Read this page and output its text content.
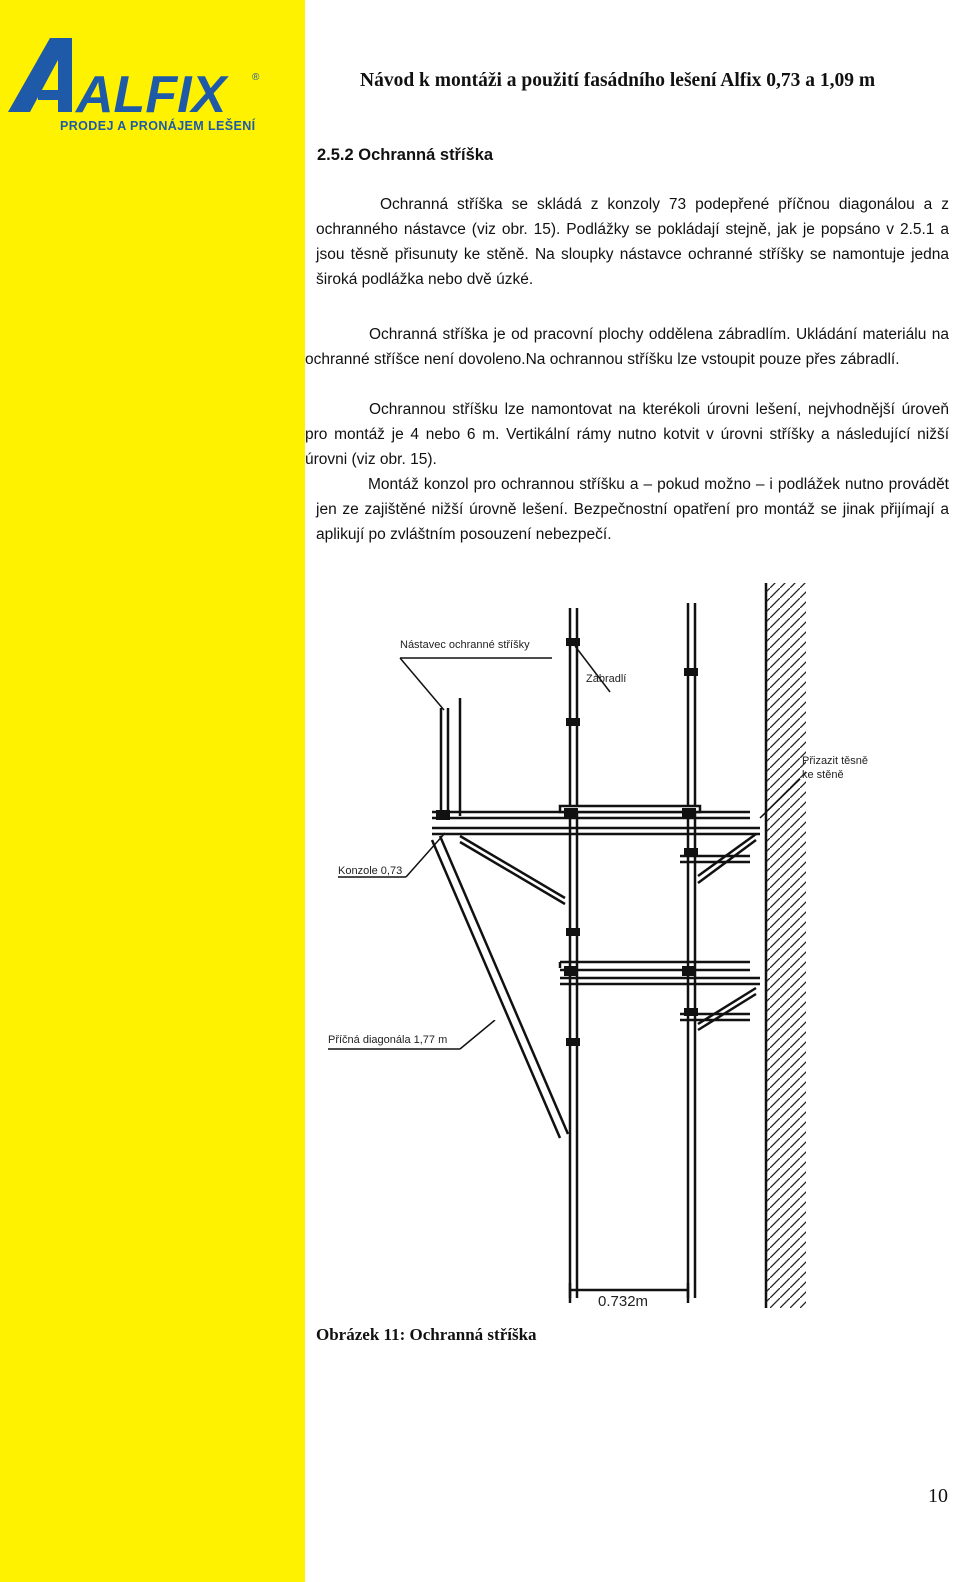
ALFIX	®
PRODEJ A PRONÁJEM LEŠENÍ
Návod k montáži a použití fasádního lešení Alfix 0,73 a 1,09 m
2.5.2 Ochranná stříška

Ochranná stříška se skládá z konzoly 73 podepřené příčnou diagonálou a z ochranného nástavce (viz obr. 15). Podlážky se pokládají stejně, jak je popsáno v 2.5.1 a jsou těsně přisunuty ke stěně. Na sloupky nástavce ochranné stříšky se namontuje jedna široká podlážka nebo dvě úzké.

Ochranná stříška je od pracovní plochy oddělena zábradlím. Ukládání materiálu na ochranné stříšce není dovoleno.Na ochrannou stříšku lze vstoupit pouze přes zábradlí.

Ochrannou stříšku lze namontovat na kterékoli úrovni lešení, nejvhodnější úroveň pro montáž je 4 nebo 6 m. Vertikální rámy nutno kotvit v úrovni stříšky a následující nižší úrovni (viz obr. 15).

Montáž konzol pro ochrannou stříšku a – pokud možno – i podlážek nutno provádět jen ze zajištěné nižší úrovně lešení. Bezpečnostní opatření pro montáž se jinak přijímají a aplikují po zvláštním posouzení nebezpečí.

Nástavec ochranné stříšky
Zábradlí
Přizazit těsně
ke stěně
Konzole 0,73
0.732m
Obrázek 11: Ochranná stříška
10
Příčná diagonála 1,77 m
